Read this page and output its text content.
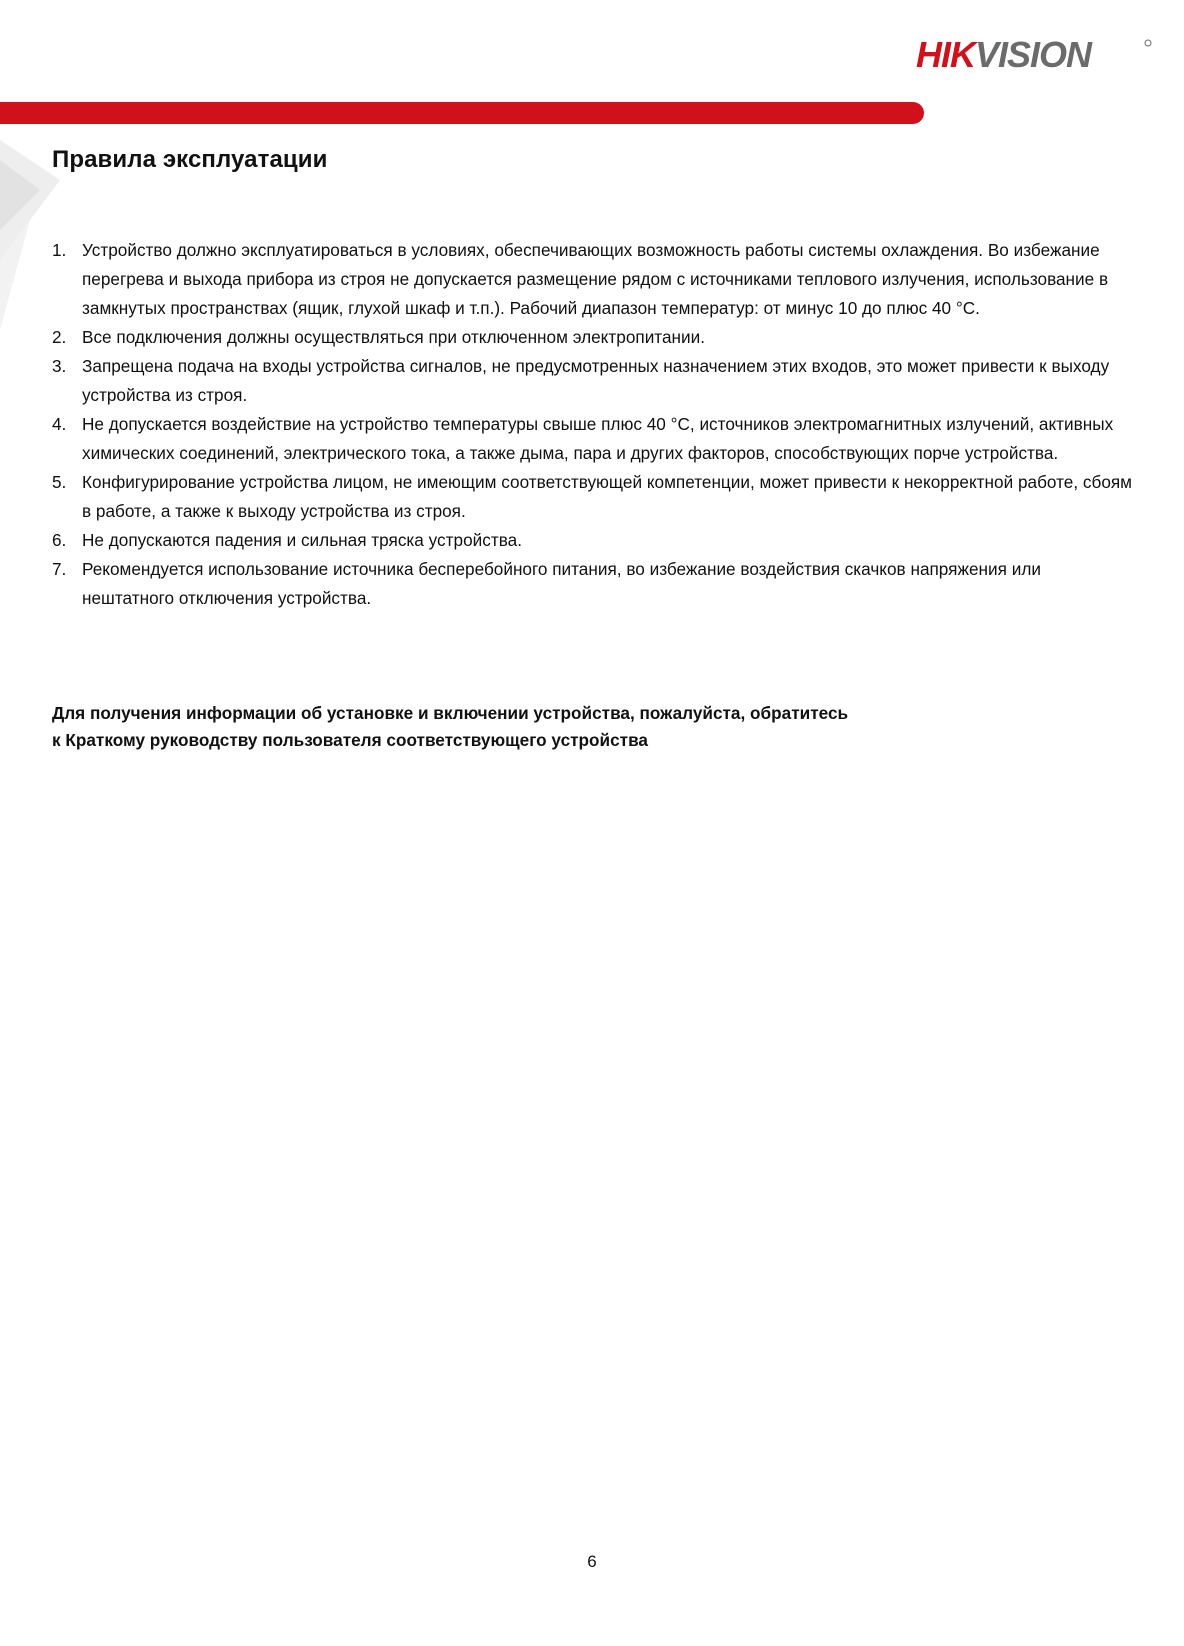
HIKVISION
Правила эксплуатации
1. Устройство должно эксплуатироваться в условиях, обеспечивающих возможность работы системы охлаждения. Во избежание перегрева и выхода прибора из строя не допускается размещение рядом с источниками теплового излучения, использование в замкнутых пространствах (ящик, глухой шкаф и т.п.). Рабочий диапазон температур: от минус 10 до плюс 40 °С.
2. Все подключения должны осуществляться при отключенном электропитании.
3. Запрещена подача на входы устройства сигналов, не предусмотренных назначением этих входов, это может привести к выходу устройства из строя.
4. Не допускается воздействие на устройство температуры свыше плюс 40 °С, источников электромагнитных излучений, активных химических соединений, электрического тока, а также дыма, пара и других факторов, способствующих порче устройства.
5. Конфигурирование устройства лицом, не имеющим соответствующей компетенции, может привести к некорректной работе, сбоям в работе, а также к выходу устройства из строя.
6. Не допускаются падения и сильная тряска устройства.
7. Рекомендуется использование источника бесперебойного питания, во избежание воздействия скачков напряжения или нештатного отключения устройства.

Для получения информации об установке и включении устройства, пожалуйста, обратитесь
к Краткому руководству пользователя соответствующего устройства

6
